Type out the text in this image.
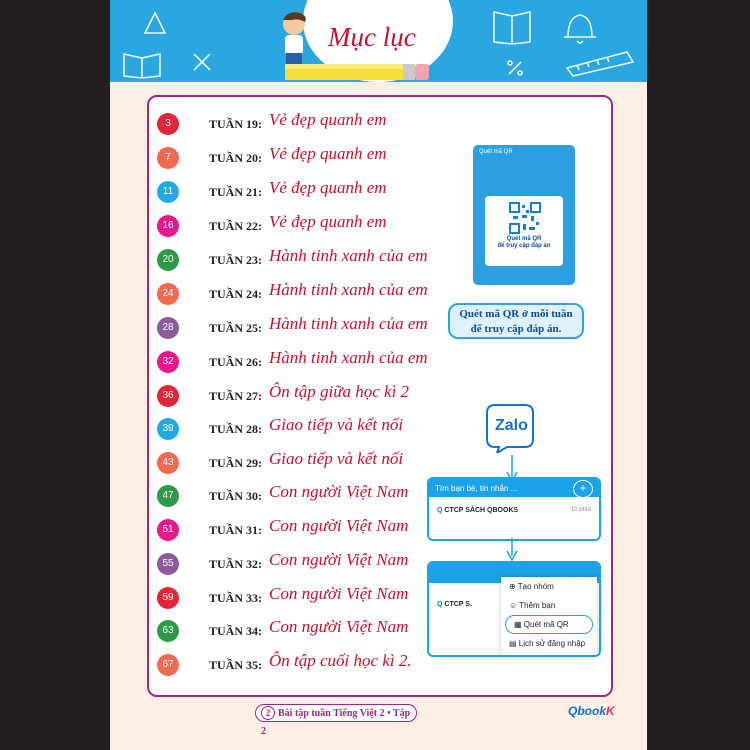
Mục lục
3	TUẦN 19: Vẻ đẹp quanh em
7	TUẦN 20: Vẻ đẹp quanh em
11	TUẦN 21: Vẻ đẹp quanh em
16	TUẦN 22: Vẻ đẹp quanh em
20	TUẦN 23: Hành tinh xanh của em
24	TUẦN 24: Hành tinh xanh của em
28	TUẦN 25: Hành tinh xanh của em
32	TUẦN 26: Hành tinh xanh của em
36	TUẦN 27: Ôn tập giữa học kì 2
39	TUẦN 28: Giao tiếp và kết nối
43	TUẦN 29: Giao tiếp và kết nối
47	TUẦN 30: Con người Việt Nam
51	TUẦN 31: Con người Việt Nam
55	TUẦN 32: Con người Việt Nam
59	TUẦN 33: Con người Việt Nam
63	TUẦN 34: Con người Việt Nam
67	TUẦN 35: Ôn tập cuối học kì 2.
Quét mã QR
Quét mã QR
để truy cập đáp án
Quét mã QR ở mỗi tuần
để truy cập đáp án.
Zalo
Tìm bạn bè, tin nhắn ...	+
Q CTCP SÁCH QBOOKS	10 phút
Q CTCP S.
⊕ Tạo nhóm
☺ Thêm bạn
▦ Quét mã QR
▤ Lịch sử đăng nhập
2 Bài tập tuần Tiếng Việt 2 • Tập 2
QbookK
